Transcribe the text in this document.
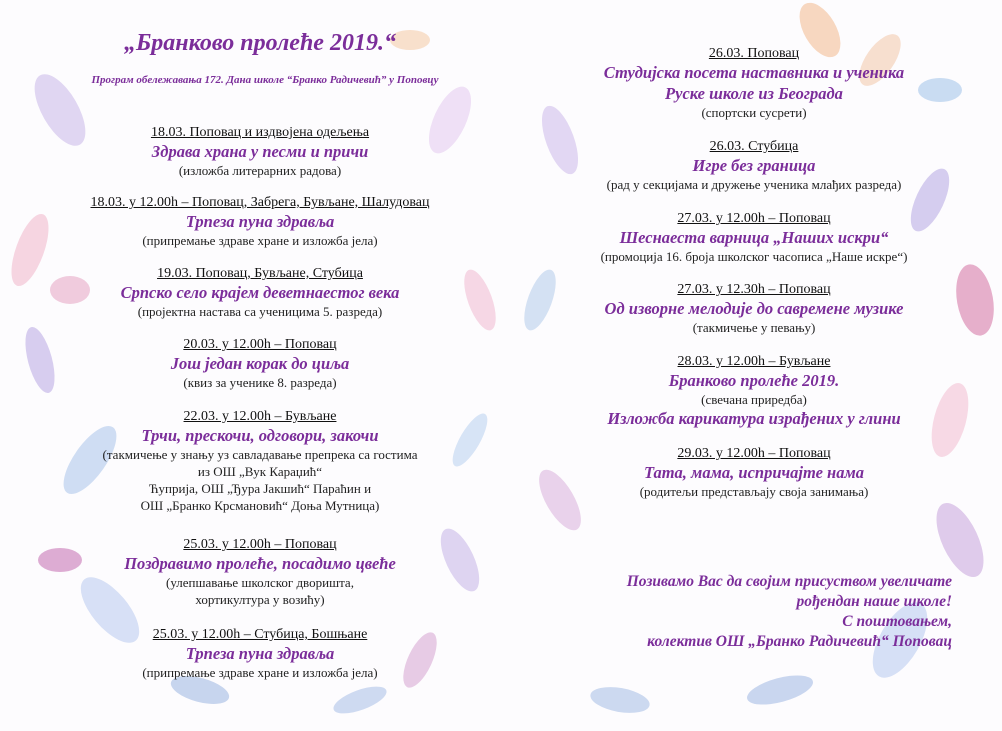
„Бранково пролеће 2019.“
Програм обележавања 172. Дана школе “Бранко Радичевић” у Поповцу
18.03. Поповац и издвојена одељења
Здрава храна у песми и причи
(изложба литерарних радова)
18.03. у 12.00h – Поповац, Забрега, Бувљане, Шалудовац
Трпеза пуна здравља
(припремање здраве хране и изложба јела)
19.03. Поповац, Бувљане, Стубица
Српско село крајем деветнаестог века
(пројектна настава са ученицима 5. разреда)
20.03. у 12.00h – Поповац
Још један корак до циља
(квиз за ученике 8. разреда)
22.03. у 12.00h – Бувљане
Трчи, прескочи, одговори, закочи
(такмичење у знању уз савладавање препрека са гостима
из ОШ „Вук Караџић“
Ћуприја, ОШ „Ђура Јакшић“ Параћин и
ОШ „Бранко Крсмановић“ Доња Мутница)
25.03. у 12.00h – Поповац
Поздравимо пролеће, посадимо цвеће
(улепшавање школског дворишта,
хортикултура у возићу)
25.03. у 12.00h – Стубица, Бошњане
Трпеза пуна здравља
(припремање здраве хране и изложба јела)
26.03. Поповац
Студијска посета наставника и ученика Руске школе из Београда
(спортски сусрети)
26.03. Стубица
Игре без граница
(рад у секцијама и дружење ученика млађих разреда)
27.03. у 12.00h – Поповац
Шеснаеста варница „Наших искри“
(промоција 16. броја школског часописа „Наше искре“)
27.03. у 12.30h – Поповац
Од изворне мелодије до савремене музике
(такмичење у певању)
28.03. у 12.00h – Бувљане
Бранково пролеће 2019.
(свечана приредба)
Изложба карикатура израђених у глини
29.03. у 12.00h – Поповац
Тата, мама, испричајте нама
(родитељи представљају своја занимања)
Позивамо Вас да својим присуством увеличате
рођендан наше школе!
С поштовањем,
колектив ОШ „Бранко Радичевић“ Поповац
